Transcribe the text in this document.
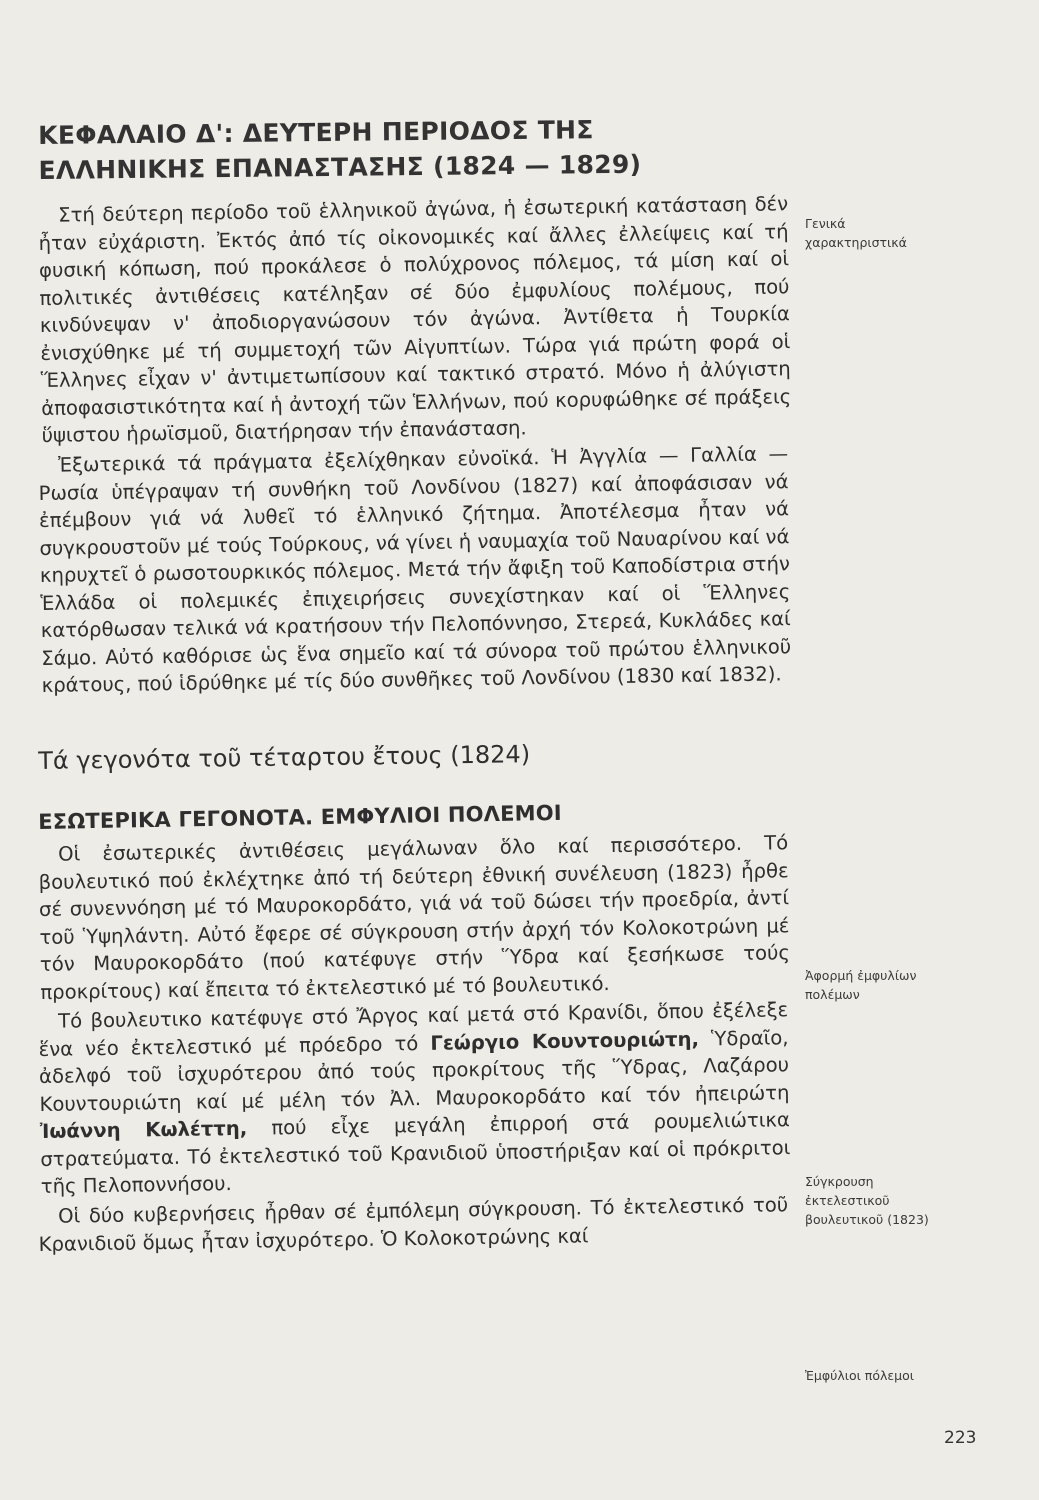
ΚΕΦΑΛΑΙΟ Δ': ΔΕΥΤΕΡΗ ΠΕΡΙΟΔΟΣ ΤΗΣ
ΕΛΛΗΝΙΚΗΣ ΕΠΑΝΑΣΤΑΣΗΣ (1824 — 1829)

Στή δεύτερη περίοδο τοῦ ἑλληνικοῦ ἀγώνα, ἡ ἐσωτερική κατάσταση δέν ἦταν εὐχάριστη. Ἐκτός ἀπό τίς οἰκονομικές καί ἄλλες ἐλλείψεις καί τή φυσική κόπωση, πού προκάλεσε ὁ πολύχρονος πόλεμος, τά μίση καί οἱ πολιτικές ἀντιθέσεις κατέληξαν σέ δύο ἐμφυλίους πολέμους, πού κινδύνεψαν ν' ἀποδιοργανώσουν τόν ἀγώνα. Ἀντίθετα ἡ Τουρκία ἐνισχύθηκε μέ τή συμμετοχή τῶν Αἰγυπτίων. Τώρα γιά πρώτη φορά οἱ Ἕλληνες εἶχαν ν' ἀντιμετωπίσουν καί τακτικό στρατό. Μόνο ἡ ἀλύγιστη ἀποφασιστικότητα καί ἡ ἀντοχή τῶν Ἑλλήνων, πού κορυφώθηκε σέ πράξεις ὕψιστου ἡρωϊσμοῦ, διατήρησαν τήν ἐπανάσταση.

Ἐξωτερικά τά πράγματα ἐξελίχθηκαν εὐνοϊκά. Ἡ Ἀγγλία — Γαλλία — Ρωσία ὑπέγραψαν τή συνθήκη τοῦ Λονδίνου (1827) καί ἀποφάσισαν νά ἐπέμβουν γιά νά λυθεῖ τό ἑλληνικό ζήτημα. Ἀποτέλεσμα ἦταν νά συγκρουστοῦν μέ τούς Τούρκους, νά γίνει ἡ ναυμαχία τοῦ Ναυαρίνου καί νά κηρυχτεῖ ὁ ρωσοτουρκικός πόλεμος. Μετά τήν ἄφιξη τοῦ Καποδίστρια στήν Ἑλλάδα οἱ πολεμικές ἐπιχειρήσεις συνεχίστηκαν καί οἱ Ἕλληνες κατόρθωσαν τελικά νά κρατήσουν τήν Πελοπόννησο, Στερεά, Κυκλάδες καί Σάμο. Αὐτό καθόρισε ὡς ἕνα σημεῖο καί τά σύνορα τοῦ πρώτου ἑλληνικοῦ κράτους, πού ἱδρύθηκε μέ τίς δύο συνθῆκες τοῦ Λονδίνου (1830 καί 1832).

Τά γεγονότα τοῦ τέταρτου ἔτους (1824)
ΕΣΩΤΕΡΙΚΑ ΓΕΓΟΝΟΤΑ. ΕΜΦΥΛΙΟΙ ΠΟΛΕΜΟΙ

Οἱ ἐσωτερικές ἀντιθέσεις μεγάλωναν ὅλο καί περισσότερο. Τό βουλευτικό πού ἐκλέχτηκε ἀπό τή δεύτερη ἐθνική συνέλευση (1823) ἦρθε σέ συνεννόηση μέ τό Μαυροκορδάτο, γιά νά τοῦ δώσει τήν προεδρία, ἀντί τοῦ Ὑψηλάντη. Αὐτό ἔφερε σέ σύγκρουση στήν ἀρχή τόν Κολοκοτρώνη μέ τόν Μαυροκορδάτο (πού κατέφυγε στήν Ὕδρα καί ξεσήκωσε τούς προκρίτους) καί ἔπειτα τό ἐκτελεστικό μέ τό βουλευτικό.

Τό βουλευτικο κατέφυγε στό Ἄργος καί μετά στό Κρανίδι, ὅπου ἐξέλεξε ἕνα νέο ἐκτελεστικό μέ πρόεδρο τό Γεώργιο Κουντουριώτη, Ὑδραῖο, ἀδελφό τοῦ ἰσχυρότερου ἀπό τούς προκρίτους τῆς Ὕδρας, Λαζάρου Κουντουριώτη καί μέ μέλη τόν Ἀλ. Μαυροκορδάτο καί τόν ἠπειρώτη Ἰωάννη Κωλέττη, πού εἶχε μεγάλη ἐπιρροή στά ρουμελιώτικα στρατεύματα. Τό ἐκτελεστικό τοῦ Κρανιδιοῦ ὑποστήριξαν καί οἱ πρόκριτοι τῆς Πελοποννήσου.

Οἱ δύο κυβερνήσεις ἦρθαν σέ ἐμπόλεμη σύγκρουση. Τό ἐκτελεστικό τοῦ Κρανιδιοῦ ὅμως ἦταν ἰσχυρότερο. Ὁ Κολοκοτρώνης καί

Γενικά
χαρακτηριστικά
Ἀφορμή ἐμφυλίων
πολέμων
Σύγκρουση
ἐκτελεστικοῦ
βουλευτικοῦ (1823)
Ἐμφύλιοι πόλεμοι
223
